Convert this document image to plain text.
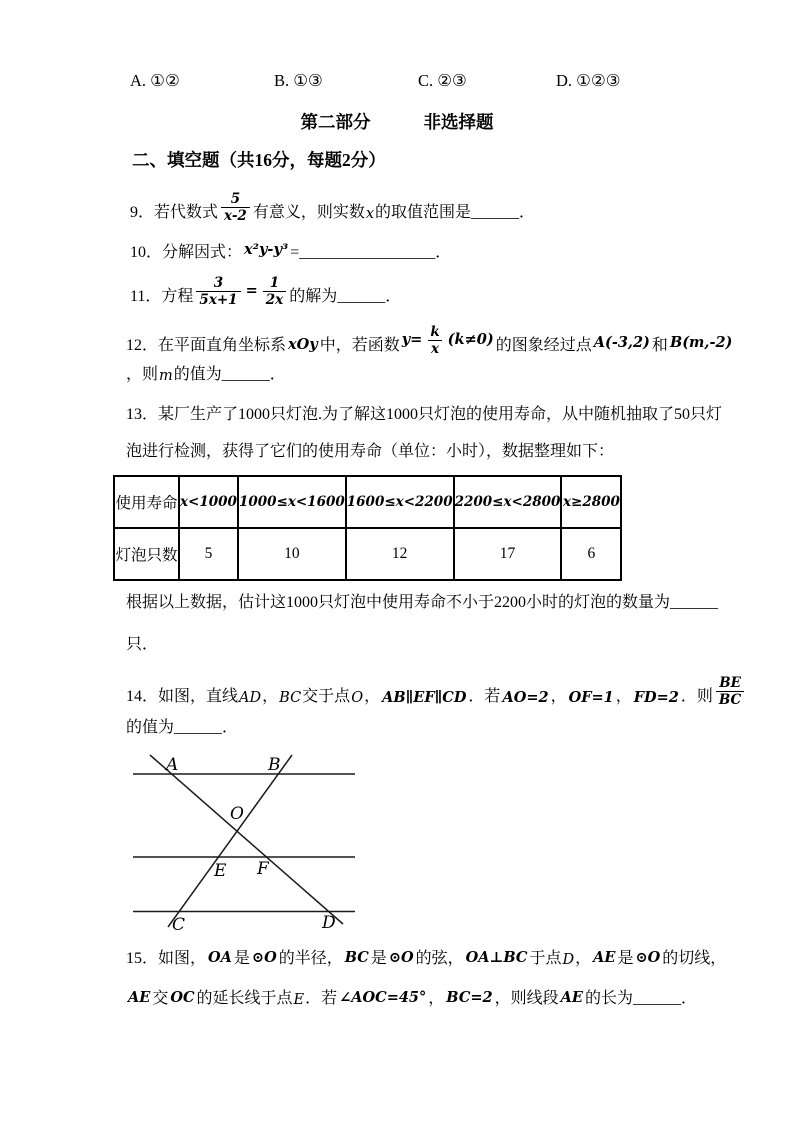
A. ①②	B. ①③	C. ②③	D. ①②③
第二部分	非选择题
二、填空题（共16分，每题2分）
9．若代数式 $\frac{5}{x-2}$ 有意义，则实数 x 的取值范围是 ______ ．
10．分解因式： x²y-y³ = _________________ ．
11．方程 $\frac{3}{5x+1} = \frac{1}{2x}$ 的解为 ______ ．
12．在平面直角坐标系 xOy 中，若函数 $y= \frac{k}{x} (k\ne 0)$ 的图象经过点 A(-3,2) 和 B(m,-2)
，则 m 的值为 ______ ．
13．某厂生产了1000只灯泡.为了解这1000只灯泡的使用寿命，从中随机抽取了50只灯
泡进行检测，获得了它们的使用寿命（单位：小时），数据整理如下：
使用寿命	x<1000	1000≤x<1600	1600≤x<2200	2200≤x<2800	x≥2800
灯泡只数	5	10	12	17	6
根据以上数据，估计这1000只灯泡中使用寿命不小于2200小时的灯泡的数量为 ______
只．
14．如图，直线 AD ， BC 交于点 O ， AB∥EF∥CD ．若 AO=2 ， OF=1 ， FD=2 ．则 $\frac{BE}{BC}$
的值为 ______ ．
A	B
O
E F
C	D
15．如图， OA 是 ⊙O 的半径， BC 是 ⊙O 的弦， OA⊥BC 于点 D ， AE 是 ⊙O 的切线，
AE 交 OC 的延长线于点 E ．若 ∠AOC=45° ， BC=2 ，则线段 AE 的长为 ______ ．
